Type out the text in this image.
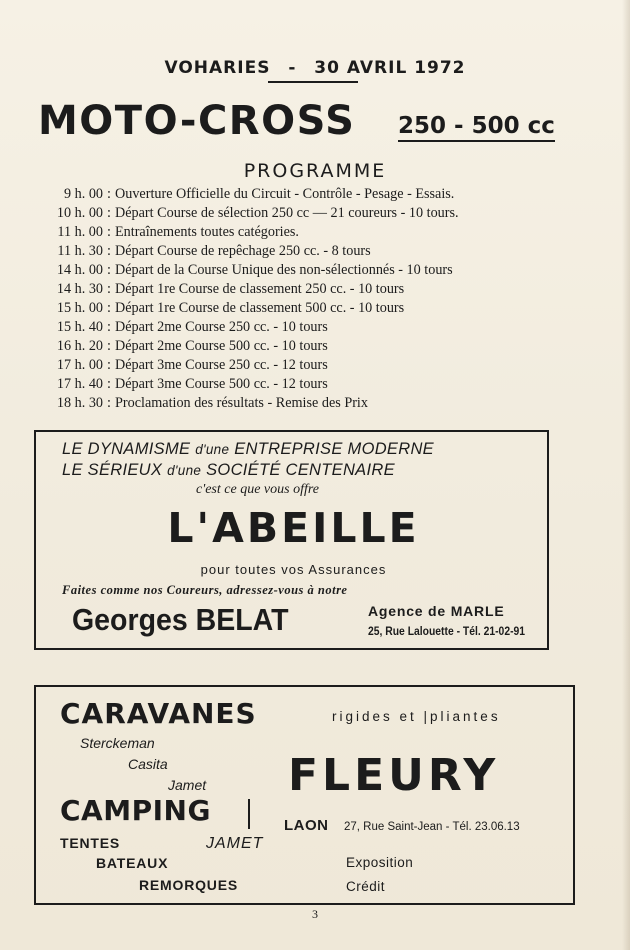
VOHARIES - 30 AVRIL 1972
MOTO-CROSS 250 - 500 cc
PROGRAMME
9 h. 00 : Ouverture Officielle du Circuit - Contrôle - Pesage - Essais.
10 h. 00 : Départ Course de sélection 250 cc — 21 coureurs - 10 tours.
11 h. 00 : Entraînements toutes catégories.
11 h. 30 : Départ Course de repêchage 250 cc. - 8 tours
14 h. 00 : Départ de la Course Unique des non-sélectionnés - 10 tours
14 h. 30 : Départ 1re Course de classement 250 cc. - 10 tours
15 h. 00 : Départ 1re Course de classement 500 cc. - 10 tours
15 h. 40 : Départ 2me Course 250 cc. - 10 tours
16 h. 20 : Départ 2me Course 500 cc. - 10 tours
17 h. 00 : Départ 3me Course 250 cc. - 12 tours
17 h. 40 : Départ 3me Course 500 cc. - 12 tours
18 h. 30 : Proclamation des résultats - Remise des Prix
LE DYNAMISME d'une ENTREPRISE MODERNE
LE SÉRIEUX d'une SOCIÉTÉ CENTENAIRE
c'est ce que vous offre
L'ABEILLE
pour toutes vos Assurances
Faites comme nos Coureurs, adressez-vous à notre
Georges BELAT	Agence de MARLE
25, Rue Lalouette - Tél. 21-02-91
CARAVANES	rigides et |pliantes
Sterckeman
Casita
Jamet FLEURY
CAMPING	LAON 27, Rue Saint-Jean - Tél. 23.06.13
TENTES	JAMET
BATEAUX
REMORQUES
Exposition
Crédit
3
